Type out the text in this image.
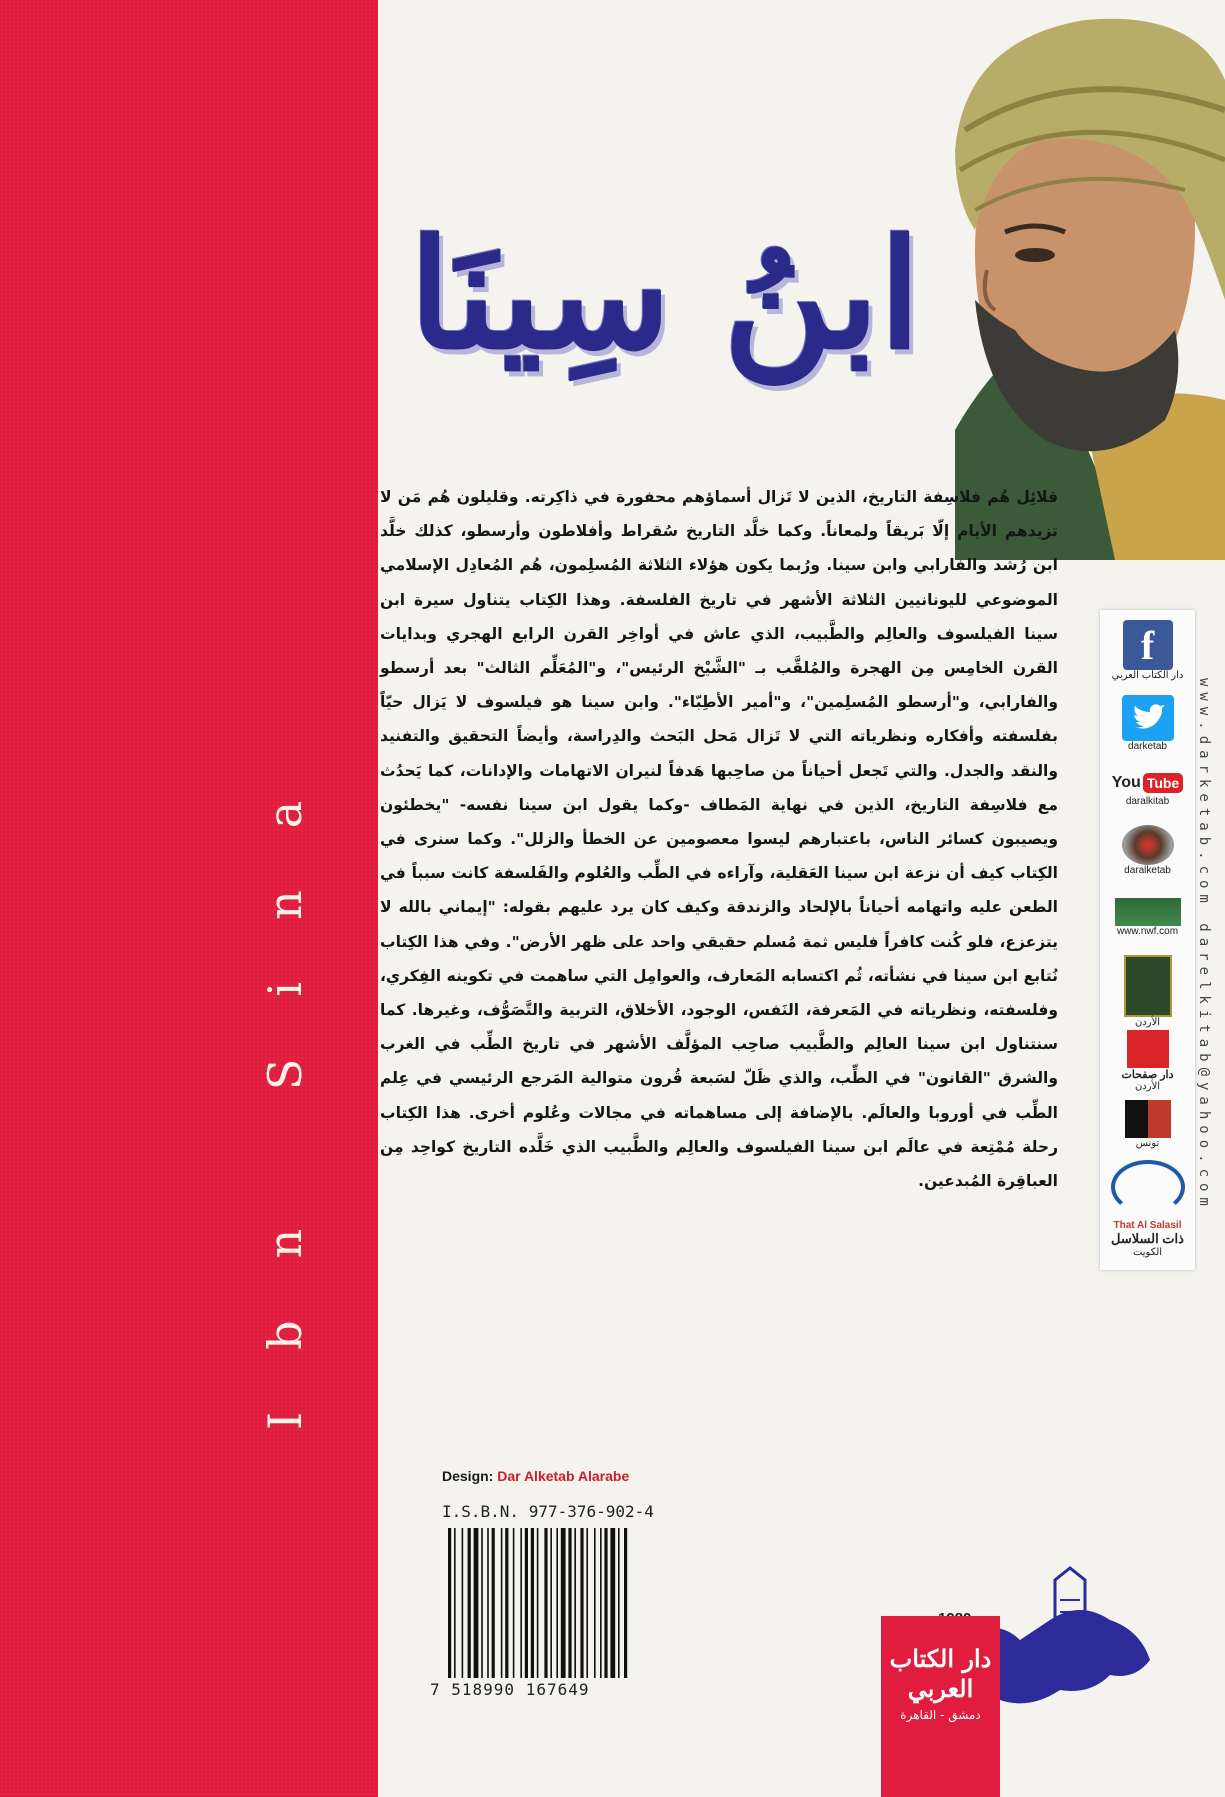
Ibn Sina
ابنُ سِينَا
قلائِل هُم فلاسِفة التاريخ، الذين لا تَزال أسماؤهم محفورة في ذاكِرته. وقليلون هُم مَن لا تزيدهم الأيام إلّا بَريقاً ولمعاناً. وكما خلَّد التاريخ سُقراط وأفلاطون وأرسطو، كذلك خلَّد ابن رُشد والفارابي وابن سينا. ورُبما يكون هؤلاء الثلاثة المُسلِمون، هُم المُعادِل الإسلامي الموضوعي لليونانيين الثلاثة الأشهر في تاريخ الفلسفة. وهذا الكِتاب يتناول سيرة ابن سينا الفيلسوف والعالِم والطَّبيب، الذي عاش في أواخِر القرن الرابع الهجري وبدايات القرن الخامِس مِن الهجرة والمُلقَّب بـ "الشَّيْخ الرئيس"، و"المُعَلِّم الثالث" بعد أرسطو والفارابي، و"أرسطو المُسلِمين"، و"أمير الأطِبّاء". وابن سينا هو فيلسوف لا يَزال حيّاً بفلسفته وأفكاره ونظرياته التي لا تَزال مَحل البَحث والدِراسة، وأيضاً التحقيق والتفنيد والنقد والجدل. والتي تَجعل أحياناً من صاحِبها هَدفاً لنيران الاتهامات والإدانات، كما يَحدُث مع فلاسِفة التاريخ، الذين في نهاية المَطاف -وكما يقول ابن سينا نفسه- "يخطئون ويصيبون كسائر الناس، باعتبارهم ليسوا معصومين عن الخطأ والزلل". وكما سنرى في الكِتاب كيف أن نزعة ابن سينا العَقلية، وآراءه في الطِّب والعُلوم والفَلسفة كانت سبباً في الطعن عليه واتهامه أحياناً بالإلحاد والزندقة وكيف كان يرد عليهم بقوله: "إيماني بالله لا يتزعزع، فلو كُنت كافراً فليس ثمة مُسلم حقيقي واحد على ظهر الأرض". وفي هذا الكِتاب نُتابع ابن سينا في نشأته، ثُم اكتسابه المَعارف، والعوامِل التي ساهمت في تكوينه الفِكري، وفلسفته، ونظرياته في المَعرفة، النَفس، الوجود، الأخلاق، التربية والتَّصَوُّف، وغيرها. كما سنتناول ابن سينا العالِم والطَّبيب صاحِب المؤلَّف الأشهر في تاريخ الطِّب في الغرب والشرق "القانون" في الطِّب، والذي ظَلّ لسَبعة قُرون متوالية المَرجع الرئيسي في عِلم الطِّب في أوروبا والعالَم. بالإضافة إلى مساهماته في مجالات وعُلوم أخرى. هذا الكِتاب رحلة مُمْتِعة في عالَم ابن سينا الفيلسوف والعالِم والطَّبيب الذي خَلَّده التاريخ كواحِد مِن العباقِرة المُبدعين.
Design: Dar Alketab Alarabe
I.S.B.N. 977-376-902-4
7 518990 167649
f
دار الكتاب العربي
darketab
You Tube
daralkitab
daralketab
www.nwf.com
الأردن
دار صفحات
الأردن
تونس
That Al Salasil
ذات السلاسل
الكويت
www.darketab.com darelkitab@yahoo.com
دار الكتاب العربي
دمشق - القاهرة
